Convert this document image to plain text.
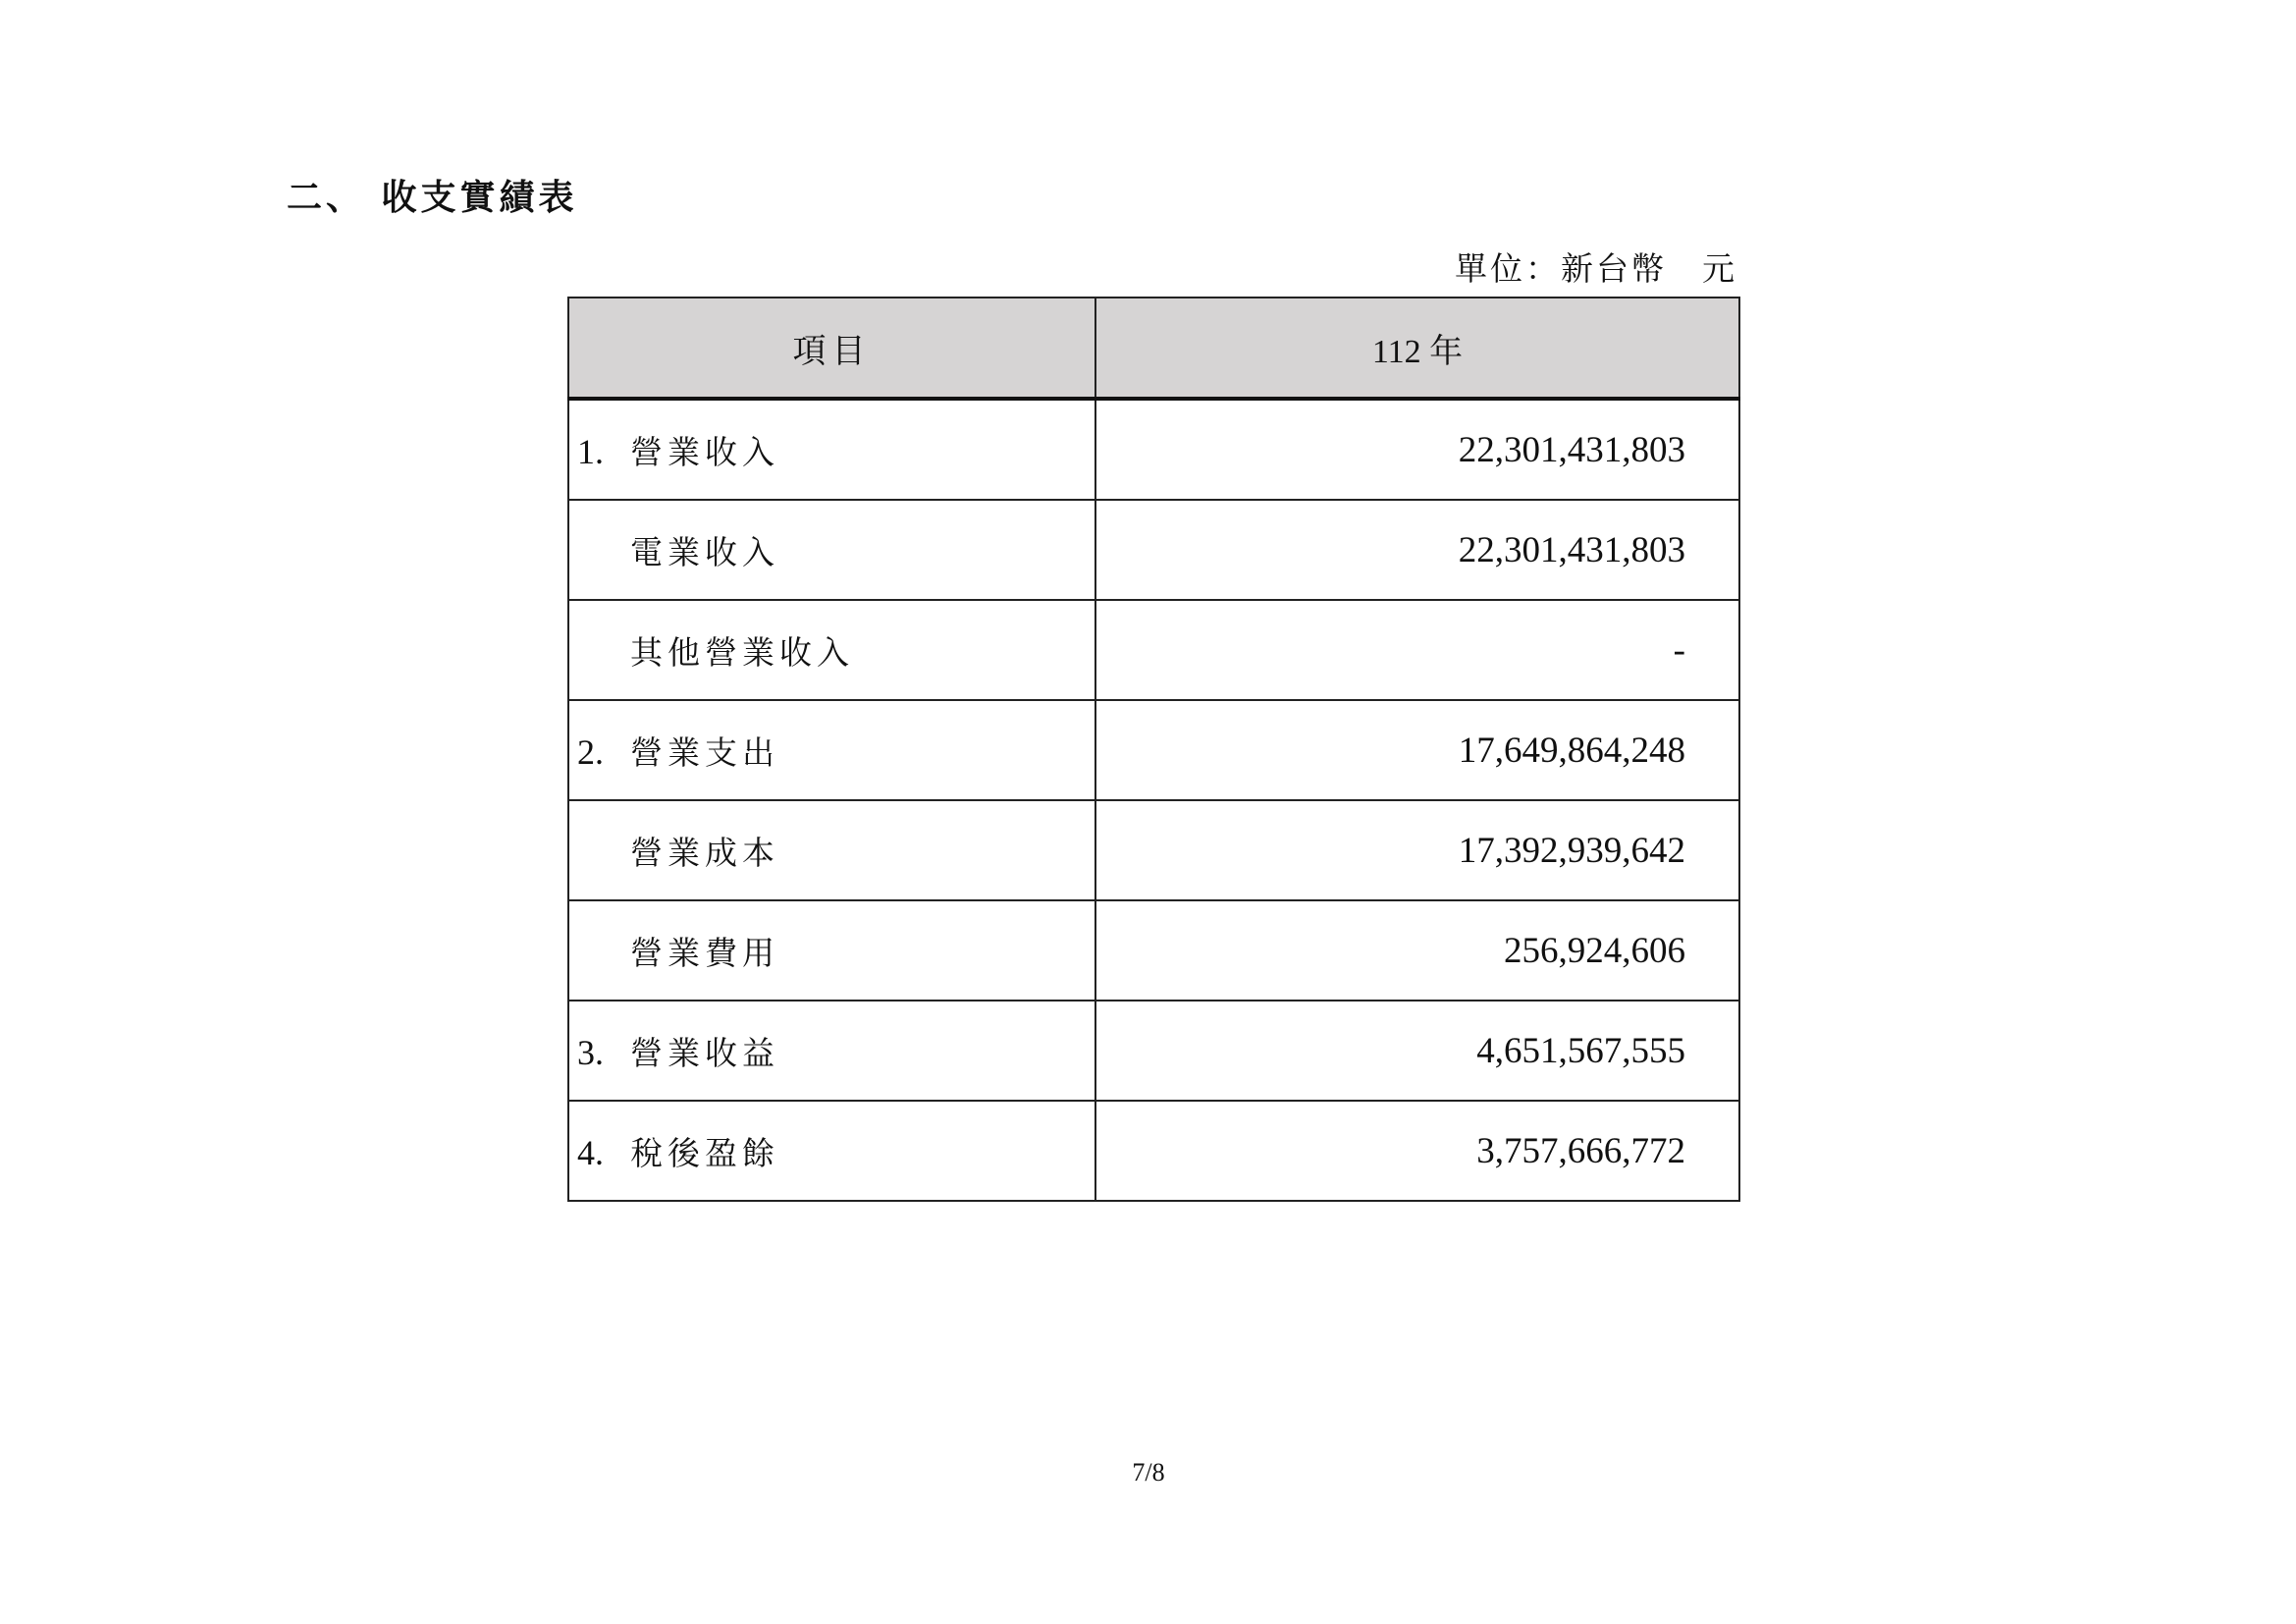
二、 收支實績表
單位：新台幣　元
項目	112 年
1. 營業收入	22,301,431,803
電業收入	22,301,431,803
其他營業收入	-
2. 營業支出	17,649,864,248
營業成本	17,392,939,642
營業費用	256,924,606
3. 營業收益	4,651,567,555
4. 稅後盈餘	3,757,666,772
7/8
